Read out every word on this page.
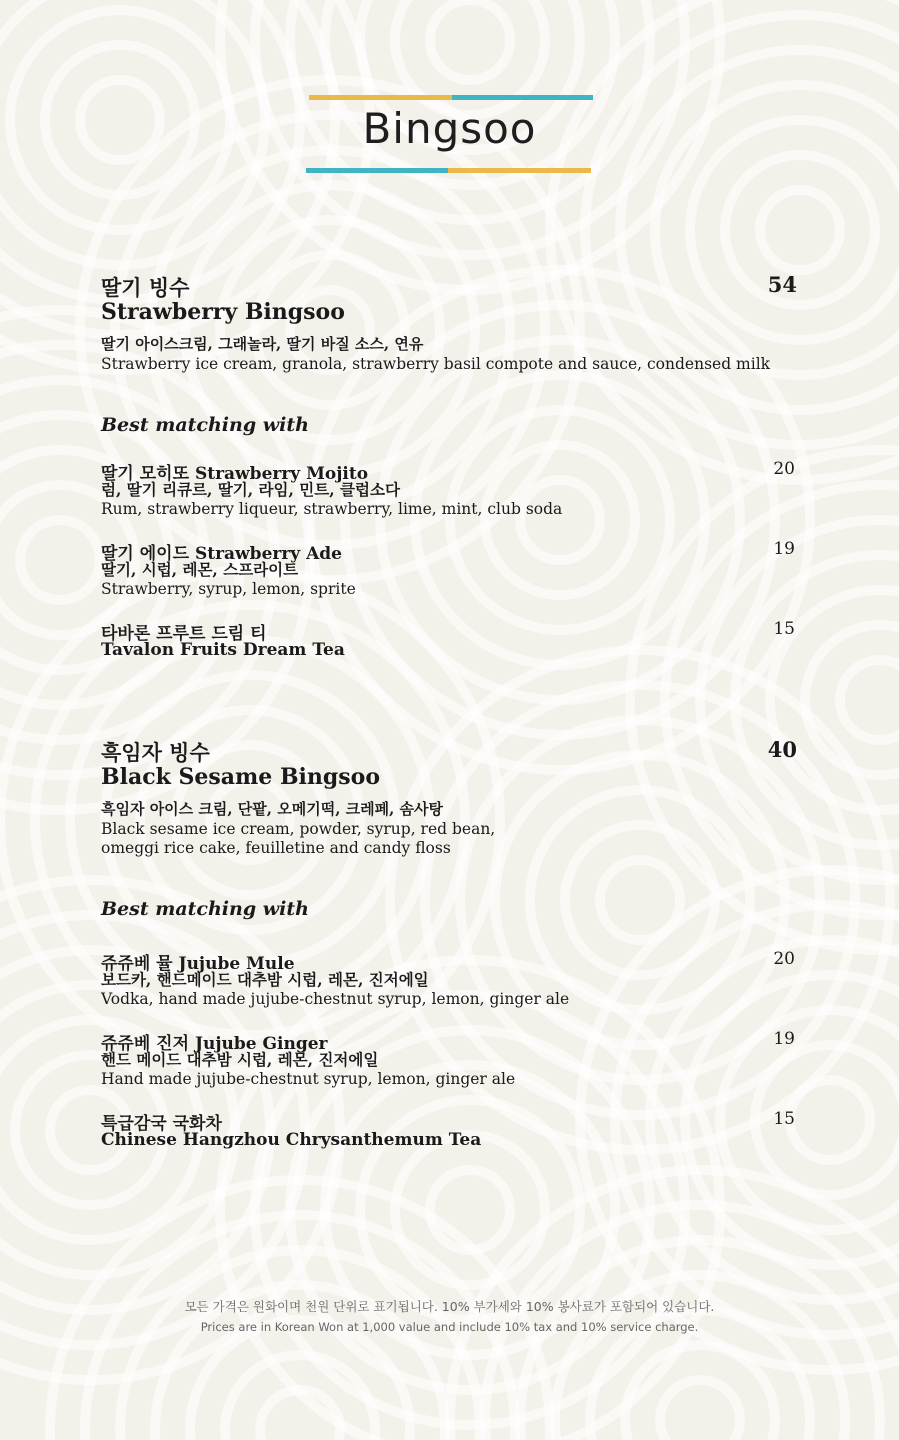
Bingsoo
딸기 빙수	54
Strawberry Bingsoo
딸기 아이스크림, 그래놀라, 딸기 바질 소스, 연유
Strawberry ice cream, granola, strawberry basil compote and sauce, condensed milk
Best matching with
딸기 모히또 Strawberry Mojito	20
럼, 딸기 리큐르, 딸기, 라임, 민트, 클럽소다
Rum, strawberry liqueur, strawberry, lime, mint, club soda
딸기 에이드 Strawberry Ade	19
딸기, 시럽, 레몬, 스프라이트
Strawberry, syrup, lemon, sprite
타바론 프루트 드림 티	15
Tavalon Fruits Dream Tea
흑임자 빙수	40
Black Sesame Bingsoo
흑임자 아이스 크림, 단팥, 오메기떡, 크레페, 솜사탕
Black sesame ice cream, powder, syrup, red bean,
omeggi rice cake, feuilletine and candy floss
Best matching with
쥬쥬베 뮬 Jujube Mule	20
보드카, 핸드메이드 대추밤 시럽, 레몬, 진저에일
Vodka, hand made jujube-chestnut syrup, lemon, ginger ale
쥬쥬베 진저 Jujube Ginger	19
핸드 메이드 대추밤 시럽, 레몬, 진저에일
Hand made jujube-chestnut syrup, lemon, ginger ale
특급감국 국화차	15
Chinese Hangzhou Chrysanthemum Tea
모든 가격은 원화이며 천원 단위로 표기됩니다. 10% 부가세와 10% 봉사료가 포함되어 있습니다.
Prices are in Korean Won at 1,000 value and include 10% tax and 10% service charge.
